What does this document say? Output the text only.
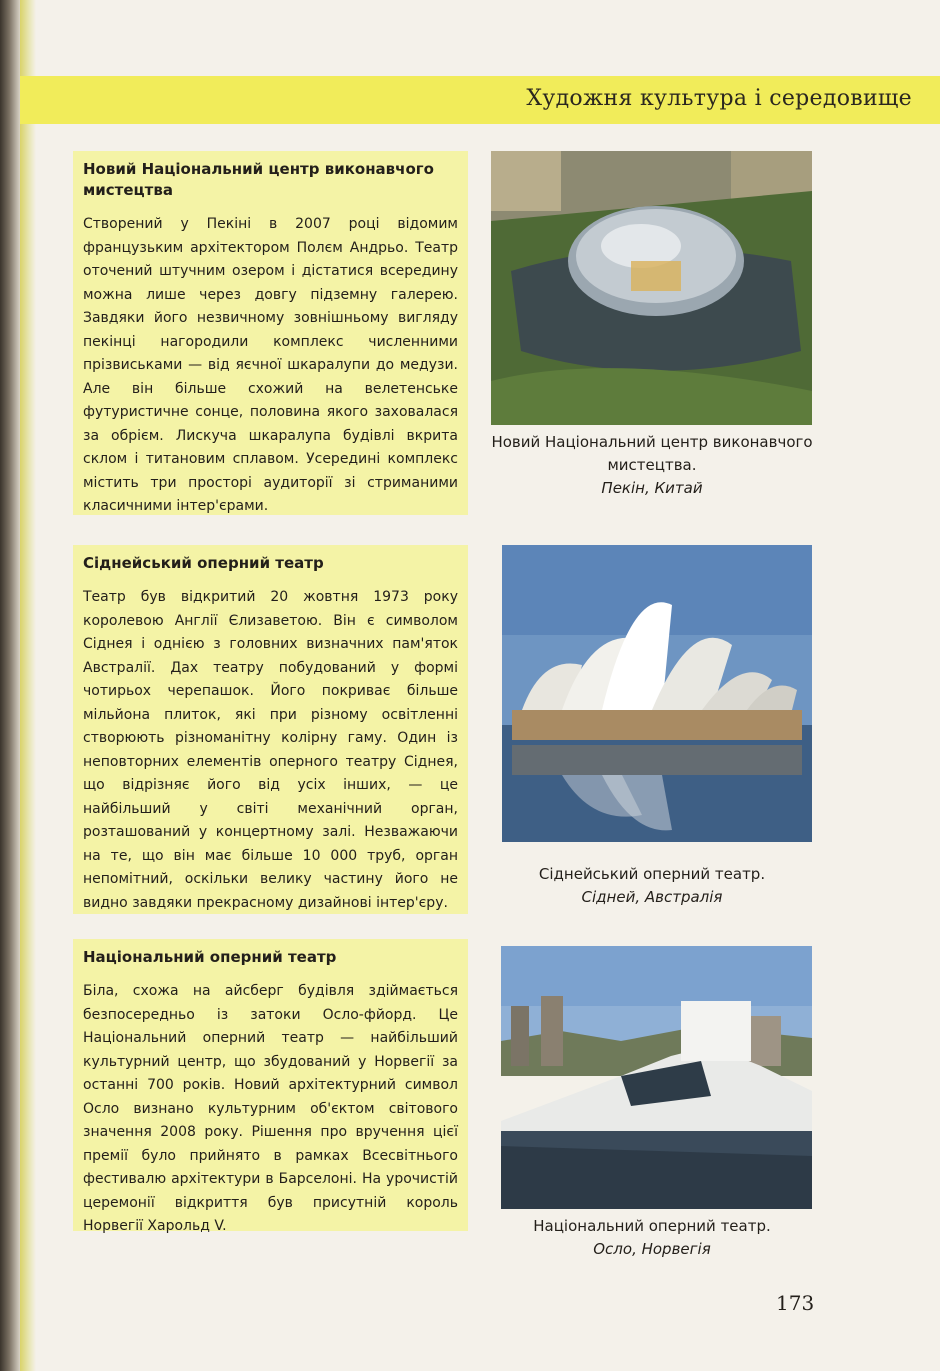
Художня культура і середовище
Новий Національний центр виконавчого мистецтва

Створений у Пекіні в 2007 році відомим французьким архітектором Полєм Андрьо. Театр оточений штучним озером і дістатися всередину можна лише через довгу підземну галерею. Завдяки його незвичному зовнішньому вигляду пекінці нагородили комплекс численними прізвиськами — від яєчної шкаралупи до медузи. Але він більше схожий на велетенське футуристичне сонце, половина якого заховалася за обрієм. Лискуча шкаралупа будівлі вкрита склом і титановим сплавом. Усередині комплекс містить три просторі аудиторії зі стриманими класичними інтер'єрами.

Новий Національний центр виконавчого мистецтва.
Пекін, Китай
Сіднейський оперний театр

Театр був відкритий 20 жовтня 1973 року королевою Англії Єлизаветою. Він є символом Сіднея і однією з головних визначних пам'яток Австралії. Дах театру побудований у формі чотирьох черепашок. Його покриває більше мільйона плиток, які при різному освітленні створюють різноманітну колірну гаму. Один із неповторних елементів оперного театру Сіднея, що відрізняє його від усіх інших, — це найбільший у світі механічний орган, розташований у концертному залі. Незважаючи на те, що він має більше 10 000 труб, орган непомітний, оскільки велику частину його не видно завдяки прекрасному дизайнові інтер'єру.

Сіднейський оперний театр.
Сідней, Австралія
Національний оперний театр

Біла, схожа на айсберг будівля здіймається безпосередньо із затоки Осло-фйорд. Це Національний оперний театр — найбільший культурний центр, що збудований у Норвегії за останні 700 років. Новий архітектурний символ Осло визнано культурним об'єктом світового значення 2008 року. Рішення про вручення цієї премії було прийнято в рамках Всесвітнього фестивалю архітектури в Барселоні. На урочистій церемонії відкриття був присутній король Норвегії Харольд V.	Національний оперний театр.
Осло, Норвегія
173
